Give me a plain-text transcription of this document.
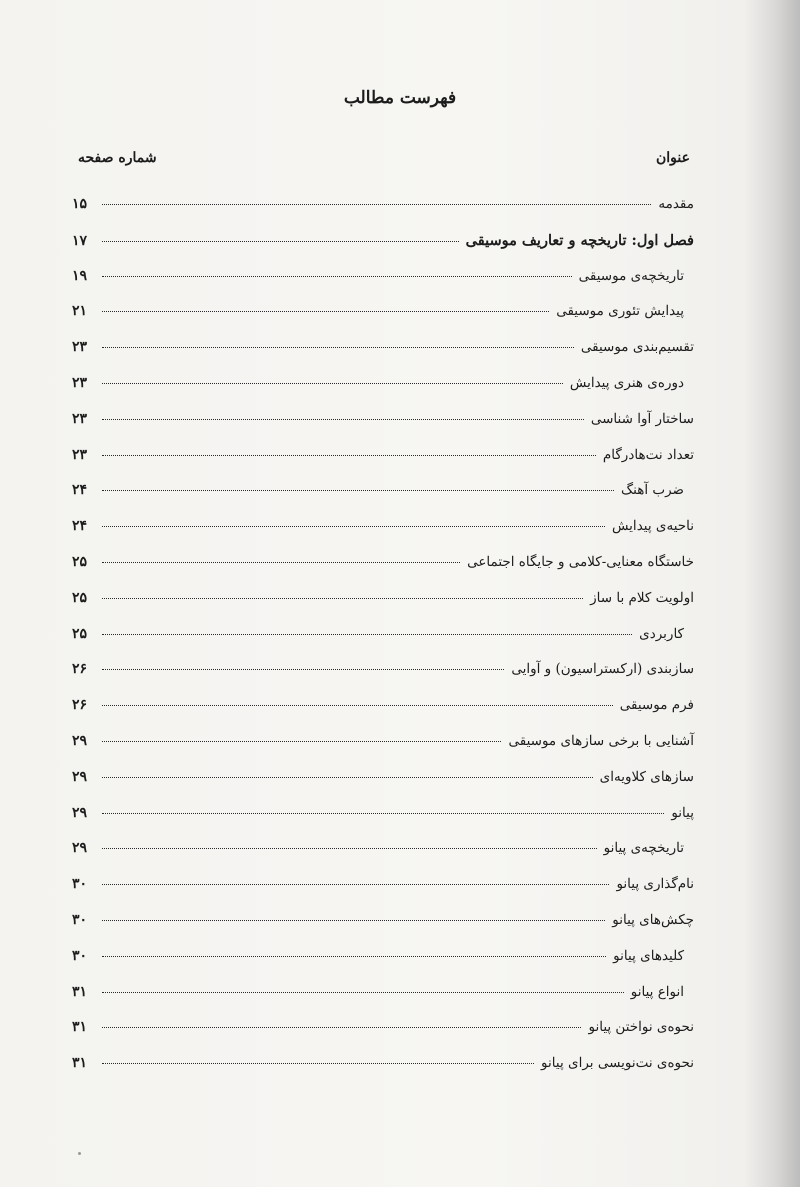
فهرست مطالب
عنوان
شماره صفحه
مقدمه
۱۵
فصل اول: تاریخچه و تعاریف موسیقی
۱۷
تاریخچه‌ی موسیقی
۱۹
پیدایش تئوری موسیقی
۲۱
تقسیم‌بندی موسیقی
۲۳
دوره‌ی هنری پیدایش
۲۳
ساختار آوا شناسی
۲۳
تعداد نت‌هادرگام
۲۳
ضرب آهنگ
۲۴
ناحیه‌ی پیدایش
۲۴
خاستگاه معنایی-کلامی و جایگاه اجتماعی
۲۵
اولویت کلام با ساز
۲۵
کاربردی
۲۵
سازبندی (ارکستراسیون) و آوایی
۲۶
فرم موسیقی
۲۶
آشنایی با برخی سازهای موسیقی
۲۹
سازهای کلاویه‌ای
۲۹
پیانو
۲۹
تاریخچه‌ی پیانو
۲۹
نام‌گذاری پیانو
۳۰
چکش‌های پیانو
۳۰
کلیدهای پیانو
۳۰
انواع پیانو
۳۱
نحوه‌ی نواختن پیانو
۳۱
نحوه‌ی نت‌نویسی برای پیانو
۳۱
